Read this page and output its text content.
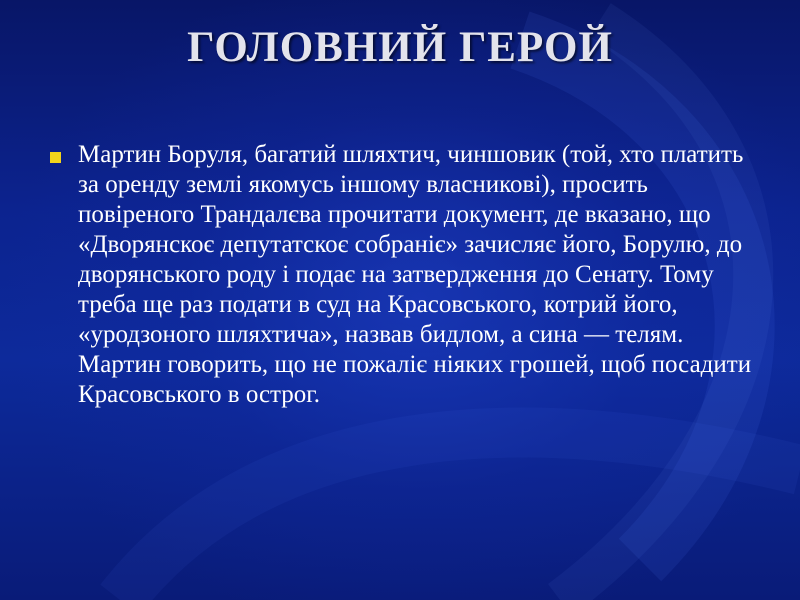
ГОЛОВНИЙ ГЕРОЙ

Мартин Боруля, багатий шляхтич, чиншовик (той, хто платить за оренду землі якомусь іншому власникові), просить повіреного Трандалєва прочитати документ, де вказано, що «Дворянскоє депутатскоє собраніє» зачисляє його, Борулю, до дворянського роду і подає на затвердження до Сенату. Тому треба ще раз подати в суд на Красовського, котрий його, «уродзоного шляхтича», назвав бидлом, а сина — телям. Мартин говорить, що не пожаліє ніяких грошей, щоб посадити Красовського в острог.
